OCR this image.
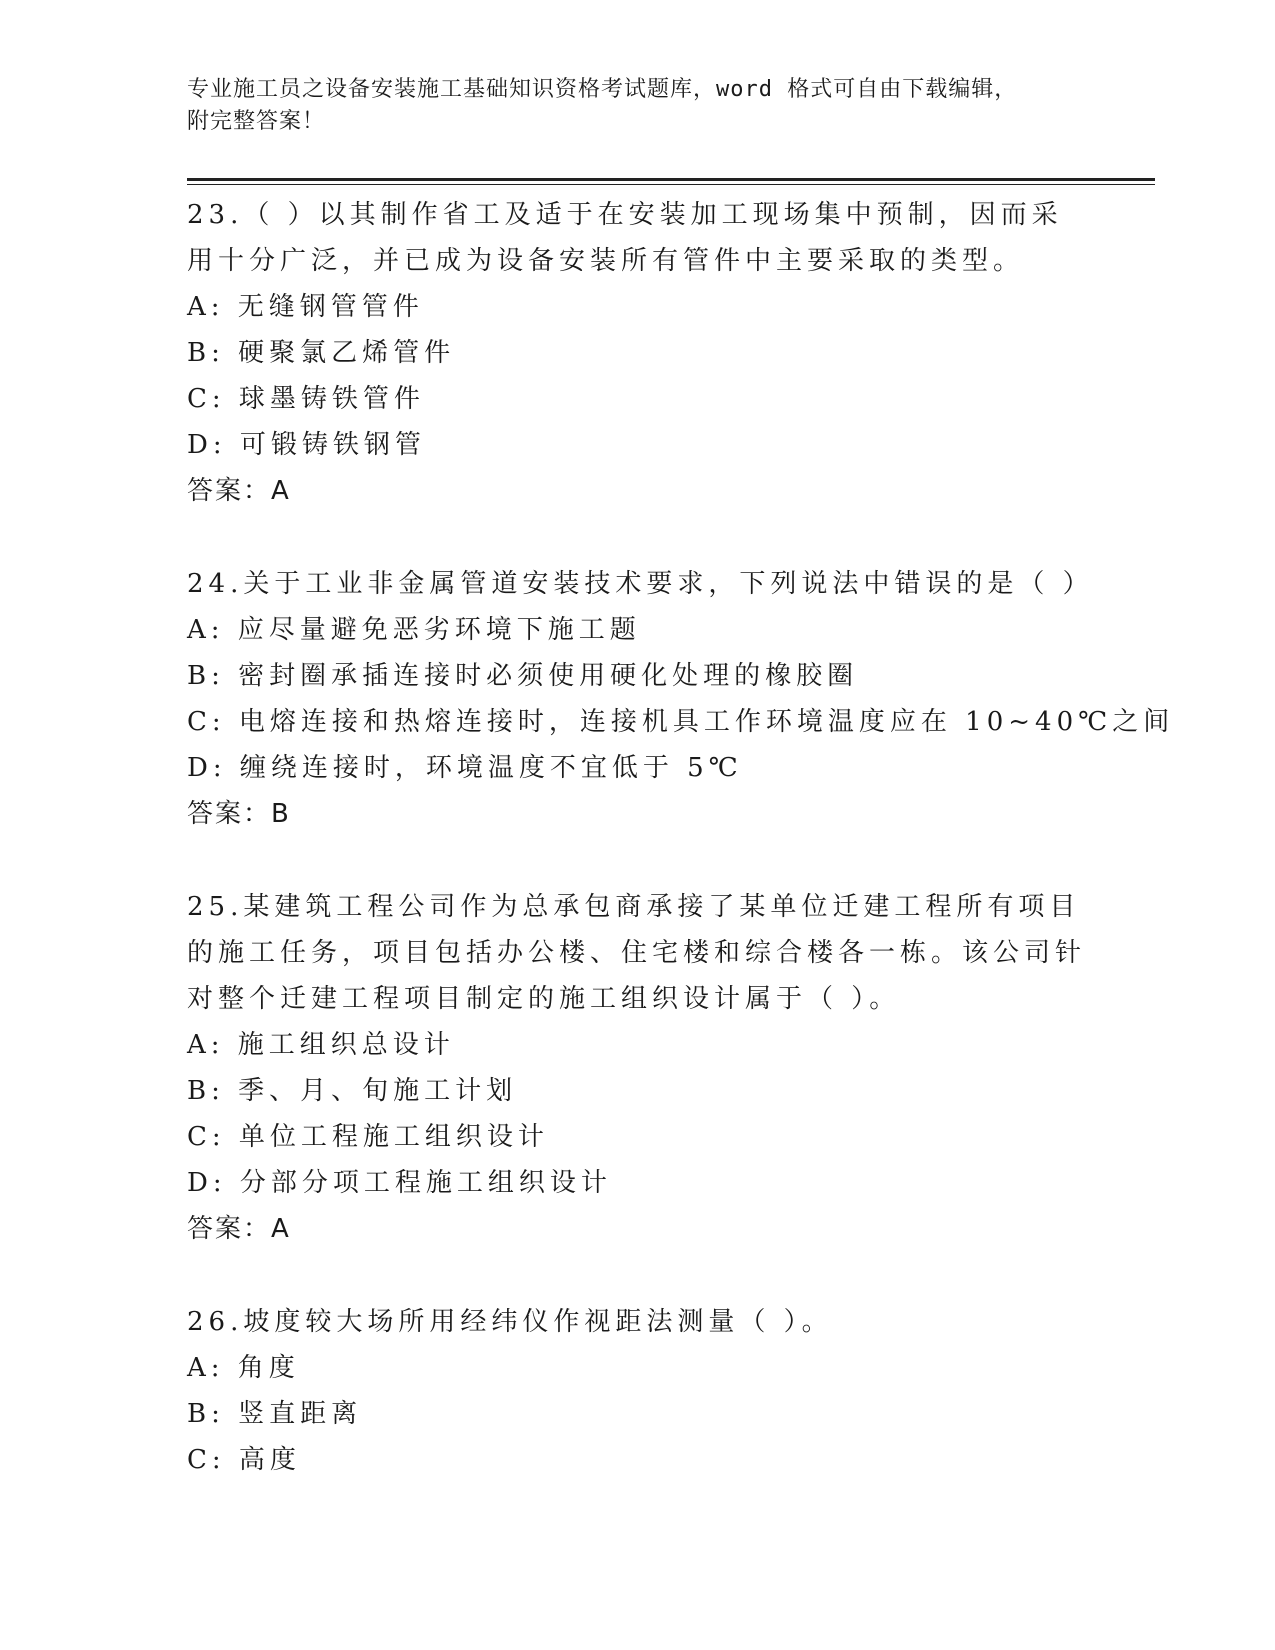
专业施工员之设备安装施工基础知识资格考试题库，word 格式可自由下载编辑，
附完整答案！
23.（ ）以其制作省工及适于在安装加工现场集中预制，因而采用十分广泛，并已成为设备安装所有管件中主要采取的类型。
A: 无缝钢管管件
B: 硬聚氯乙烯管件
C: 球墨铸铁管件
D: 可锻铸铁钢管
答案：A
24.关于工业非金属管道安装技术要求，下列说法中错误的是（ ）
A: 应尽量避免恶劣环境下施工题
B: 密封圈承插连接时必须使用硬化处理的橡胶圈
C: 电熔连接和热熔连接时，连接机具工作环境温度应在 10~40℃之间
D: 缠绕连接时，环境温度不宜低于 5℃
答案：B
25.某建筑工程公司作为总承包商承接了某单位迁建工程所有项目的施工任务，项目包括办公楼、住宅楼和综合楼各一栋。该公司针对整个迁建工程项目制定的施工组织设计属于（ ）。
A: 施工组织总设计
B: 季、月、旬施工计划
C: 单位工程施工组织设计
D: 分部分项工程施工组织设计
答案：A
26.坡度较大场所用经纬仪作视距法测量（ ）。
A: 角度
B: 竖直距离
C: 高度
